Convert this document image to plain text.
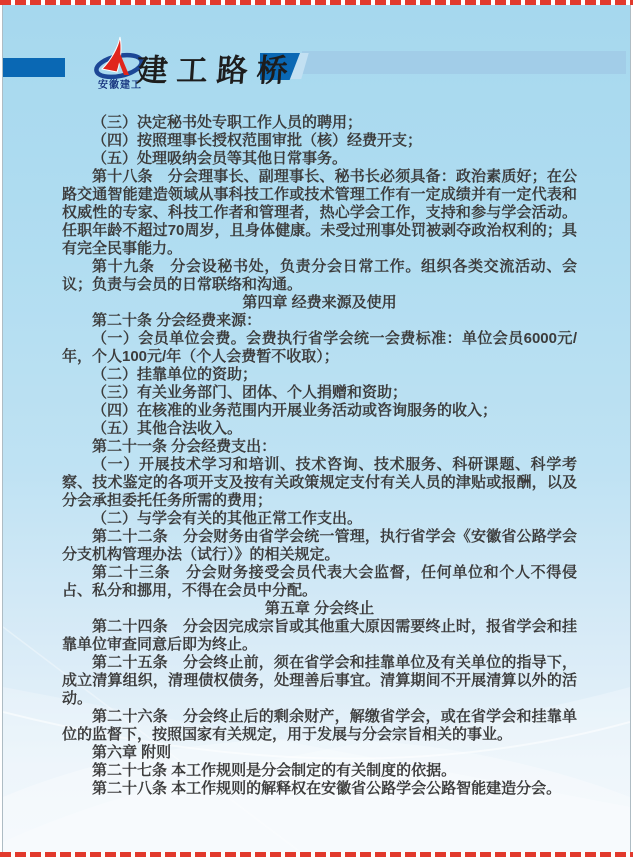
安徽建工
建工路桥

（三）决定秘书处专职工作人员的聘用；

（四）按照理事长授权范围审批（核）经费开支；

（五）处理吸纳会员等其他日常事务。

第十八条　分会理事长、副理事长、秘书长必须具备：政治素质好；在公路交通智能建造领域从事科技工作或技术管理工作有一定成绩并有一定代表和权威性的专家、科技工作者和管理者，热心学会工作，支持和参与学会活动。任职年龄不超过70周岁，且身体健康。未受过刑事处罚被剥夺政治权利的；具有完全民事能力。

第十九条　分会设秘书处，负责分会日常工作。组织各类交流活动、会议；负责与会员的日常联络和沟通。

第四章 经费来源及使用

第二十条 分会经费来源：

（一）会员单位会费。会费执行省学会统一会费标准：单位会员6000元/年，个人100元/年（个人会费暂不收取）；

（二）挂靠单位的资助；

（三）有关业务部门、团体、个人捐赠和资助；

（四）在核准的业务范围内开展业务活动或咨询服务的收入；

（五）其他合法收入。

第二十一条 分会经费支出：

（一）开展技术学习和培训、技术咨询、技术服务、科研课题、科学考察、技术鉴定的各项开支及按有关政策规定支付有关人员的津贴或报酬，以及分会承担委托任务所需的费用；

（二）与学会有关的其他正常工作支出。

第二十二条　分会财务由省学会统一管理，执行省学会《安徽省公路学会分支机构管理办法（试行）》的相关规定。

第二十三条　分会财务接受会员代表大会监督，任何单位和个人不得侵占、私分和挪用，不得在会员中分配。

第五章 分会终止

第二十四条　分会因完成宗旨或其他重大原因需要终止时，报省学会和挂靠单位审查同意后即为终止。

第二十五条　分会终止前，须在省学会和挂靠单位及有关单位的指导下，成立清算组织，清理债权债务，处理善后事宜。清算期间不开展清算以外的活动。

第二十六条　分会终止后的剩余财产，解缴省学会，或在省学会和挂靠单位的监督下，按照国家有关规定，用于发展与分会宗旨相关的事业。

第六章 附则

第二十七条 本工作规则是分会制定的有关制度的依据。

第二十八条 本工作规则的解释权在安徽省公路学会公路智能建造分会。
